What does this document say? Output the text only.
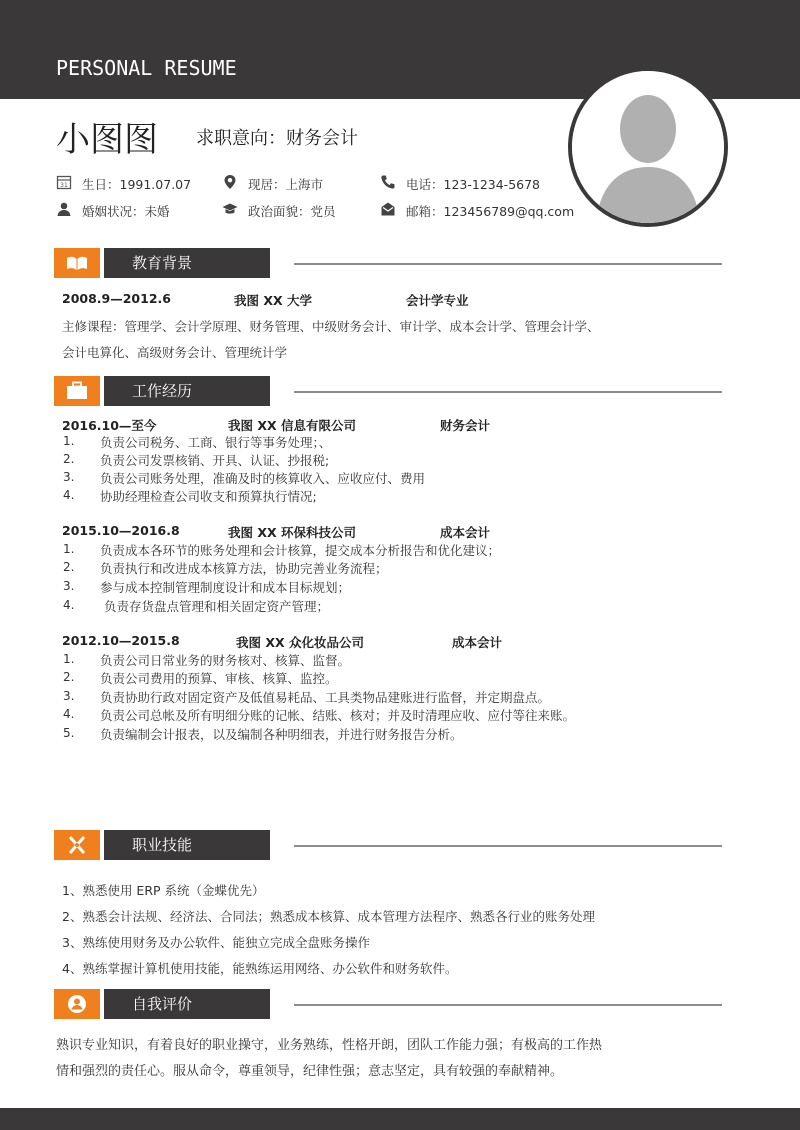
PERSONAL RESUME
小图图 求职意向：财务会计
31 生日：1991.07.07	现居：上海市	电话：123-1234-5678
婚姻状况：未婚	政治面貌：党员	邮箱：123456789@qq.com
教育背景
2008.9—2012.6	我图 XX 大学	会计学专业
主修课程：管理学、会计学原理、财务管理、中级财务会计、审计学、成本会计学、管理会计学、
会计电算化、高级财务会计、管理统计学
工作经历
2016.10—至今	我图 XX 信息有限公司	财务会计
1. 负责公司税务、工商、银行等事务处理；、
2. 负责公司发票核销、开具、认证、抄报税;
3. 负责公司账务处理，准确及时的核算收入、应收应付、费用
4. 协助经理检查公司收支和预算执行情况;
2015.10—2016.8	我图 XX 环保科技公司	成本会计
1. 负责成本各环节的账务处理和会计核算，提交成本分析报告和优化建议；
2. 负责执行和改进成本核算方法，协助完善业务流程；
3. 参与成本控制管理制度设计和成本目标规划；
4. 负责存货盘点管理和相关固定资产管理；
2012.10—2015.8	我图 XX 众化妆品公司	成本会计
1. 负责公司日常业务的财务核对、核算、监督。
2. 负责公司费用的预算、审核、核算、监控。
3. 负责协助行政对固定资产及低值易耗品、工具类物品建账进行监督，并定期盘点。
4. 负责公司总帐及所有明细分账的记帐、结账、核对；并及时清理应收、应付等往来账。
5. 负责编制会计报表，以及编制各种明细表，并进行财务报告分析。
职业技能
1、熟悉使用 ERP 系统（金蝶优先）
2、熟悉会计法规、经济法、合同法；熟悉成本核算、成本管理方法程序、熟悉各行业的账务处理
3、熟练使用财务及办公软件、能独立完成全盘账务操作
4、熟练掌握计算机使用技能，能熟练运用网络、办公软件和财务软件。
自我评价
熟识专业知识，有着良好的职业操守，业务熟练，性格开朗，团队工作能力强；有极高的工作热
情和强烈的责任心。服从命令，尊重领导，纪律性强；意志坚定，具有较强的奉献精神。
